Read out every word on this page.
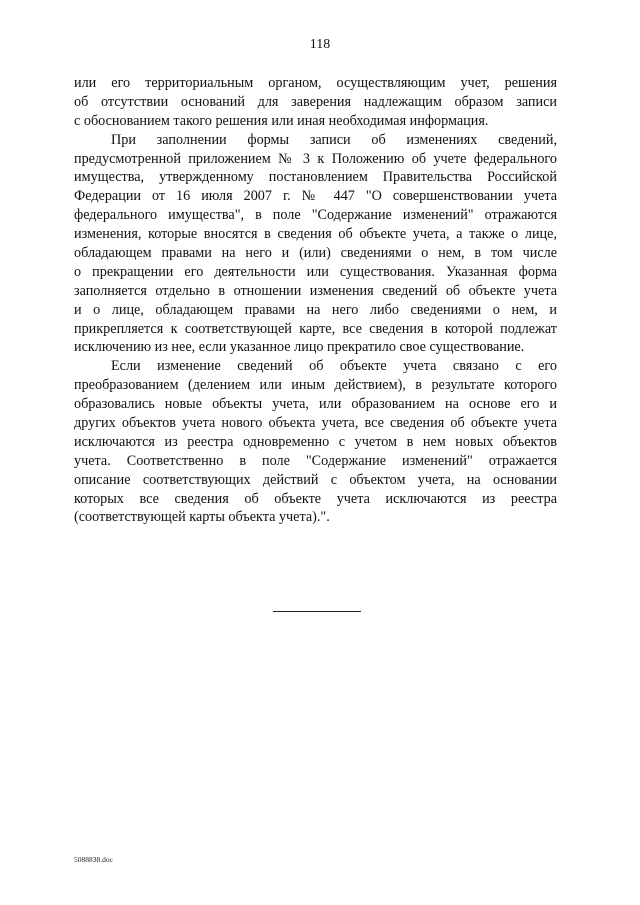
118
или его территориальным органом, осуществляющим учет, решения
об отсутствии оснований для заверения надлежащим образом записи
с обоснованием такого решения или иная необходимая информация.
При заполнении формы записи об изменениях сведений,
предусмотренной приложением № 3 к Положению об учете федерального
имущества, утвержденному постановлением Правительства Российской
Федерации от 16 июля 2007 г. № 447 "О совершенствовании учета
федерального имущества", в поле "Содержание изменений" отражаются
изменения, которые вносятся в сведения об объекте учета, а также о лице,
обладающем правами на него и (или) сведениями о нем, в том числе
о прекращении его деятельности или существования. Указанная форма
заполняется отдельно в отношении изменения сведений об объекте учета
и о лице, обладающем правами на него либо сведениями о нем, и
прикрепляется к соответствующей карте, все сведения в которой подлежат
исключению из нее, если указанное лицо прекратило свое существование.
Если изменение сведений об объекте учета связано с его
преобразованием (делением или иным действием), в результате которого
образовались новые объекты учета, или образованием на основе его и
других объектов учета нового объекта учета, все сведения об объекте учета
исключаются из реестра одновременно с учетом в нем новых объектов
учета. Соответственно в поле "Содержание изменений" отражается
описание соответствующих действий с объектом учета, на основании
которых все сведения об объекте учета исключаются из реестра
(соответствующей карты объекта учета).".
5088838.doc
